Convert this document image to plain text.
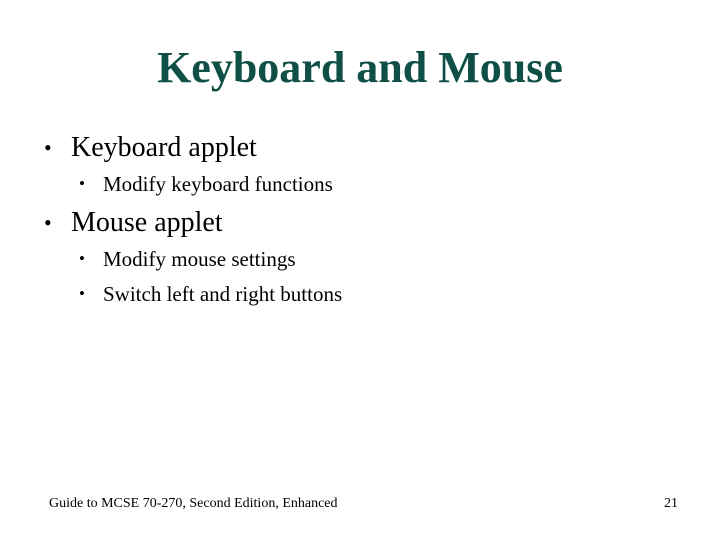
Keyboard and Mouse
• Keyboard applet
• Modify keyboard functions
• Mouse applet
• Modify mouse settings
• Switch left and right buttons
Guide to MCSE 70-270, Second Edition, Enhanced	21
